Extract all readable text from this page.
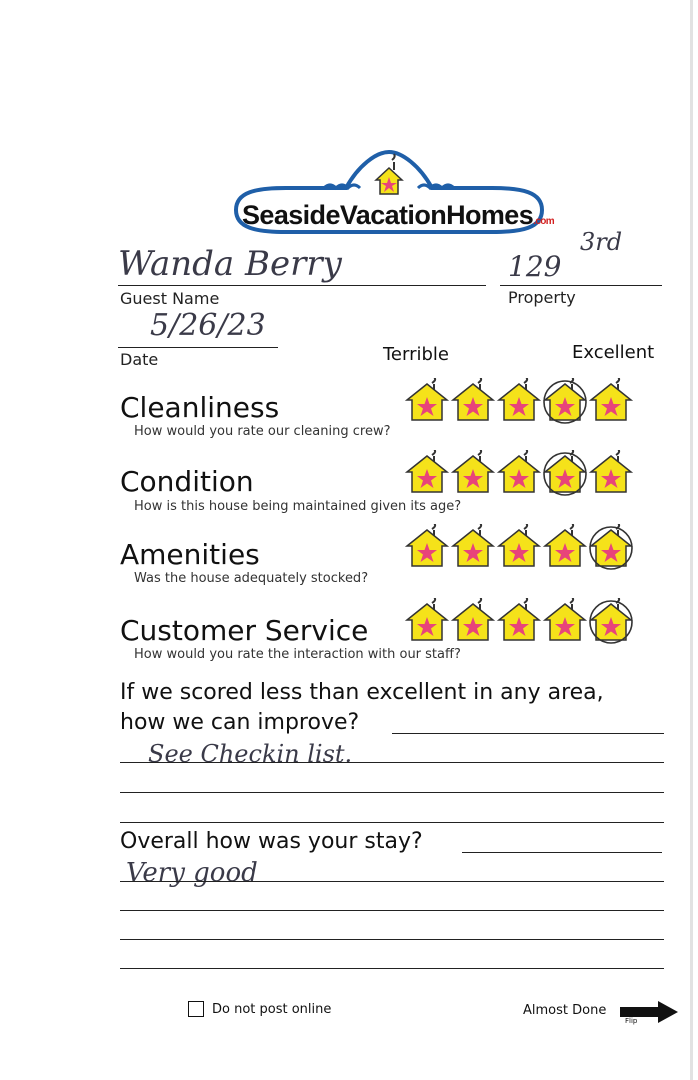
SeasideVacationHomes.com
Wanda Berry
Guest Name
129
3rd
Property
5/26/23
Date	Terrible	Excellent
Cleanliness
How would you rate our cleaning crew?
Condition
How is this house being maintained given its age?
Amenities
Was the house adequately stocked?
Customer Service
How would you rate the interaction with our staff?
If we scored less than excellent in any area,
how we can improve?
See Checkin list.
Overall how was your stay?
Very good
Do not post online	Almost Done
Flip
